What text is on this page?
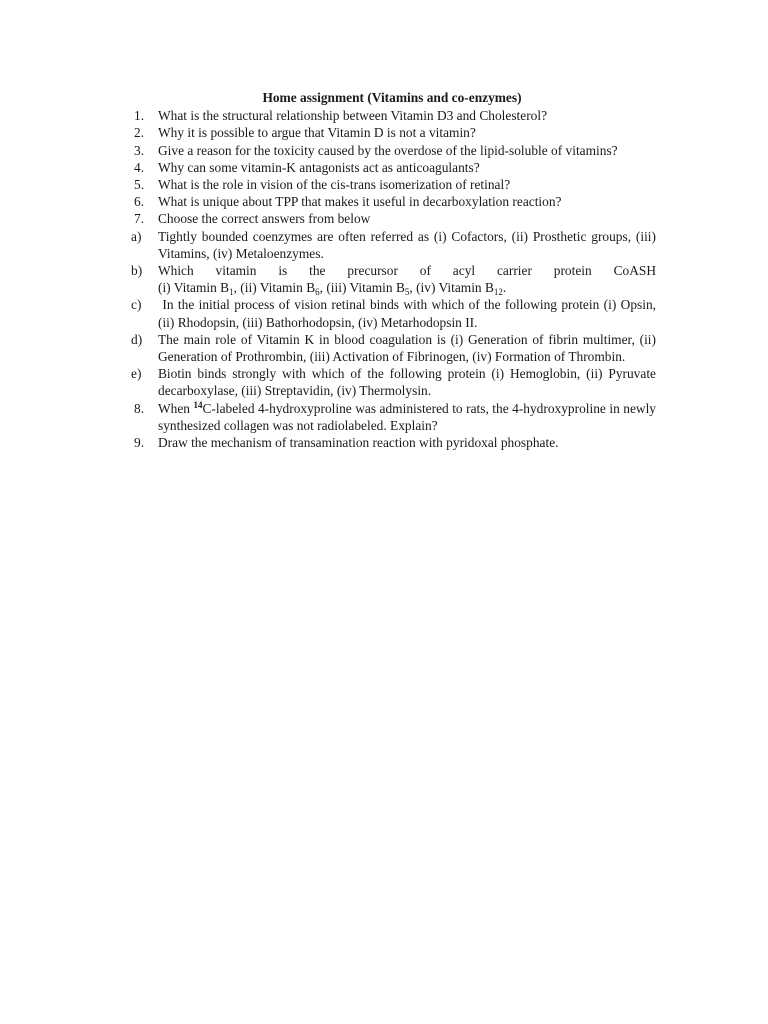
Home assignment (Vitamins and co-enzymes)
1.	What is the structural relationship between Vitamin D3 and Cholesterol?
2.	Why it is possible to argue that Vitamin D is not a vitamin?
3.	Give a reason for the toxicity caused by the overdose of the lipid-soluble of vitamins?
4.	Why can some vitamin-K antagonists act as anticoagulants?
5.	What is the role in vision of the cis-trans isomerization of retinal?
6.	What is unique about TPP that makes it useful in decarboxylation reaction?
7.	Choose the correct answers from below
a)	Tightly bounded coenzymes are often referred as (i) Cofactors, (ii) Prosthetic groups, (iii) Vitamins, (iv) Metaloenzymes.
b)	Which vitamin is the precursor of acyl carrier protein CoASH
(i) Vitamin $B_1$, (ii) Vitamin $B_6$, (iii) Vitamin $B_5$, (iv) Vitamin $B_{12}$.
c)	In the initial process of vision retinal binds with which of the following protein (i) Opsin, (ii) Rhodopsin, (iii) Bathorhodopsin, (iv) Metarhodopsin II.
d)	The main role of Vitamin K in blood coagulation is (i) Generation of fibrin multimer, (ii) Generation of Prothrombin, (iii) Activation of Fibrinogen, (iv) Formation of Thrombin.
e)	Biotin binds strongly with which of the following protein (i) Hemoglobin, (ii) Pyruvate decarboxylase, (iii) Streptavidin, (iv) Thermolysin.
8.	When $^{14}$C-labeled 4-hydroxyproline was administered to rats, the 4-hydroxyproline in newly synthesized collagen was not radiolabeled. Explain?
9.	Draw the mechanism of transamination reaction with pyridoxal phosphate.
